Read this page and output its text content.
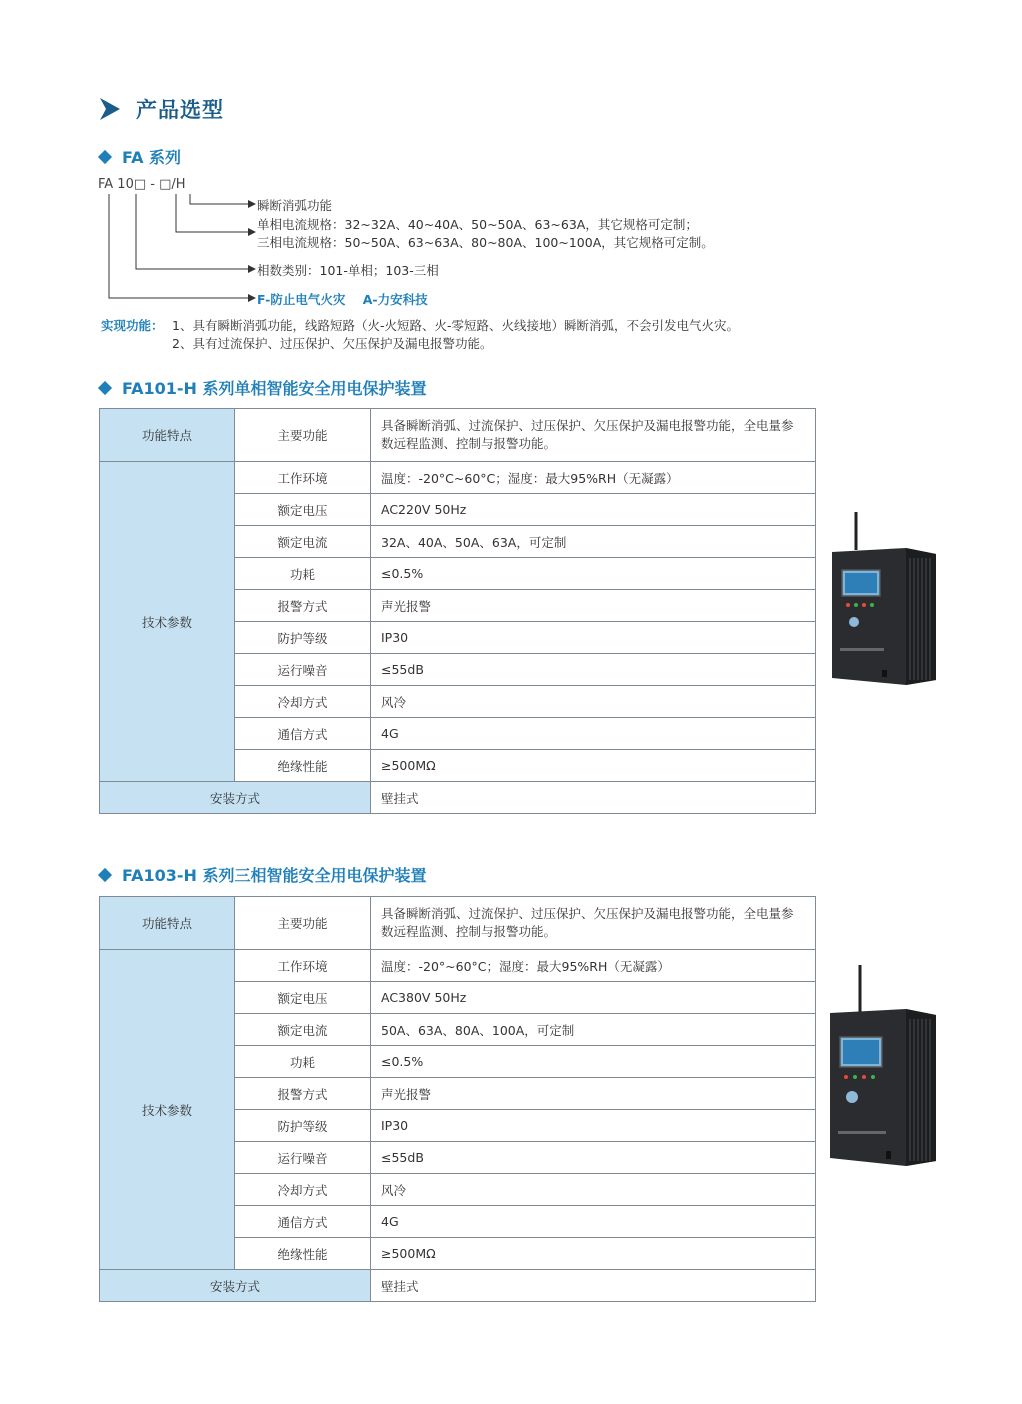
产品选型
FA 系列
FA 10□ - □/H
瞬断消弧功能
单相电流规格：32~32A、40~40A、50~50A、63~63A，其它规格可定制；
三相电流规格：50~50A、63~63A、80~80A、100~100A，其它规格可定制。
相数类别：101-单相；103-三相
F-防止电气火灾    A-力安科技
实现功能： 1、具有瞬断消弧功能，线路短路（火-火短路、火-零短路、火线接地）瞬断消弧，不会引发电气火灾。
2、具有过流保护、过压保护、欠压保护及漏电报警功能。
FA101-H 系列单相智能安全用电保护装置
功能特点	主要功能	具备瞬断消弧、过流保护、过压保护、欠压保护及漏电报警功能，全电量参数远程监测、控制与报警功能。
技术参数	工作环境	温度：-20°C~60°C；湿度：最大95%RH（无凝露）
	额定电压	AC220V 50Hz
	额定电流	32A、40A、50A、63A，可定制
	功耗	≤0.5%
	报警方式	声光报警
	防护等级	IP30
	运行噪音	≤55dB
	冷却方式	风冷
	通信方式	4G
	绝缘性能	≥500MΩ
安装方式		壁挂式
FA103-H 系列三相智能安全用电保护装置
功能特点	主要功能	具备瞬断消弧、过流保护、过压保护、欠压保护及漏电报警功能，全电量参数远程监测、控制与报警功能。
技术参数	工作环境	温度：-20°~60°C；湿度：最大95%RH（无凝露）
	额定电压	AC380V 50Hz
	额定电流	50A、63A、80A、100A，可定制
	功耗	≤0.5%
	报警方式	声光报警
	防护等级	IP30
	运行噪音	≤55dB
	冷却方式	风冷
	通信方式	4G
	绝缘性能	≥500MΩ
安装方式		壁挂式
